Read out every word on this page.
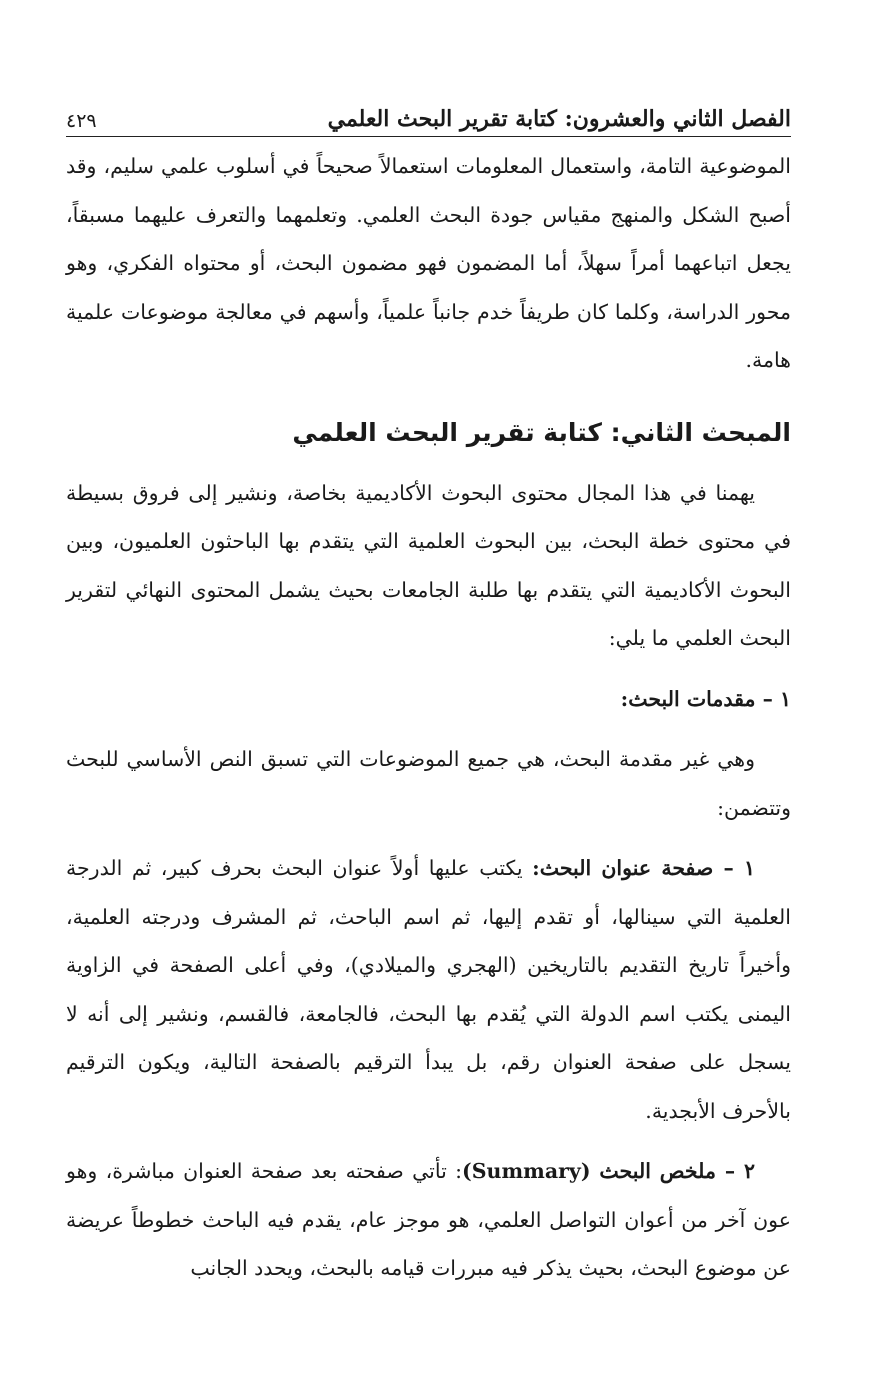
الفصل الثاني والعشرون: كتابة تقرير البحث العلمي
٤٢٩

الموضوعية التامة، واستعمال المعلومات استعمالاً صحيحاً في أسلوب علمي سليم، وقد أصبح الشكل والمنهج مقياس جودة البحث العلمي. وتعلمهما والتعرف عليهما مسبقاً، يجعل اتباعهما أمراً سهلاً، أما المضمون فهو مضمون البحث، أو محتواه الفكري، وهو محور الدراسة، وكلما كان طريفاً خدم جانباً علمياً، وأسهم في معالجة موضوعات علمية هامة.

المبحث الثاني: كتابة تقرير البحث العلمي

يهمنا في هذا المجال محتوى البحوث الأكاديمية بخاصة، ونشير إلى فروق بسيطة في محتوى خطة البحث، بين البحوث العلمية التي يتقدم بها الباحثون العلميون، وبين البحوث الأكاديمية التي يتقدم بها طلبة الجامعات بحيث يشمل المحتوى النهائي لتقرير البحث العلمي ما يلي:

١ – مقدمات البحث:

وهي غير مقدمة البحث، هي جميع الموضوعات التي تسبق النص الأساسي للبحث وتتضمن:

١ – صفحة عنوان البحث: يكتب عليها أولاً عنوان البحث بحرف كبير، ثم الدرجة العلمية التي سينالها، أو تقدم إليها، ثم اسم الباحث، ثم المشرف ودرجته العلمية، وأخيراً تاريخ التقديم بالتاريخين (الهجري والميلادي)، وفي أعلى الصفحة في الزاوية اليمنى يكتب اسم الدولة التي يُقدم بها البحث، فالجامعة، فالقسم، ونشير إلى أنه لا يسجل على صفحة العنوان رقم، بل يبدأ الترقيم بالصفحة التالية، ويكون الترقيم بالأحرف الأبجدية.

٢ – ملخص البحث (Summary): تأتي صفحته بعد صفحة العنوان مباشرة، وهو عون آخر من أعوان التواصل العلمي، هو موجز عام، يقدم فيه الباحث خطوطاً عريضة عن موضوع البحث، بحيث يذكر فيه مبررات قيامه بالبحث، ويحدد الجانب
